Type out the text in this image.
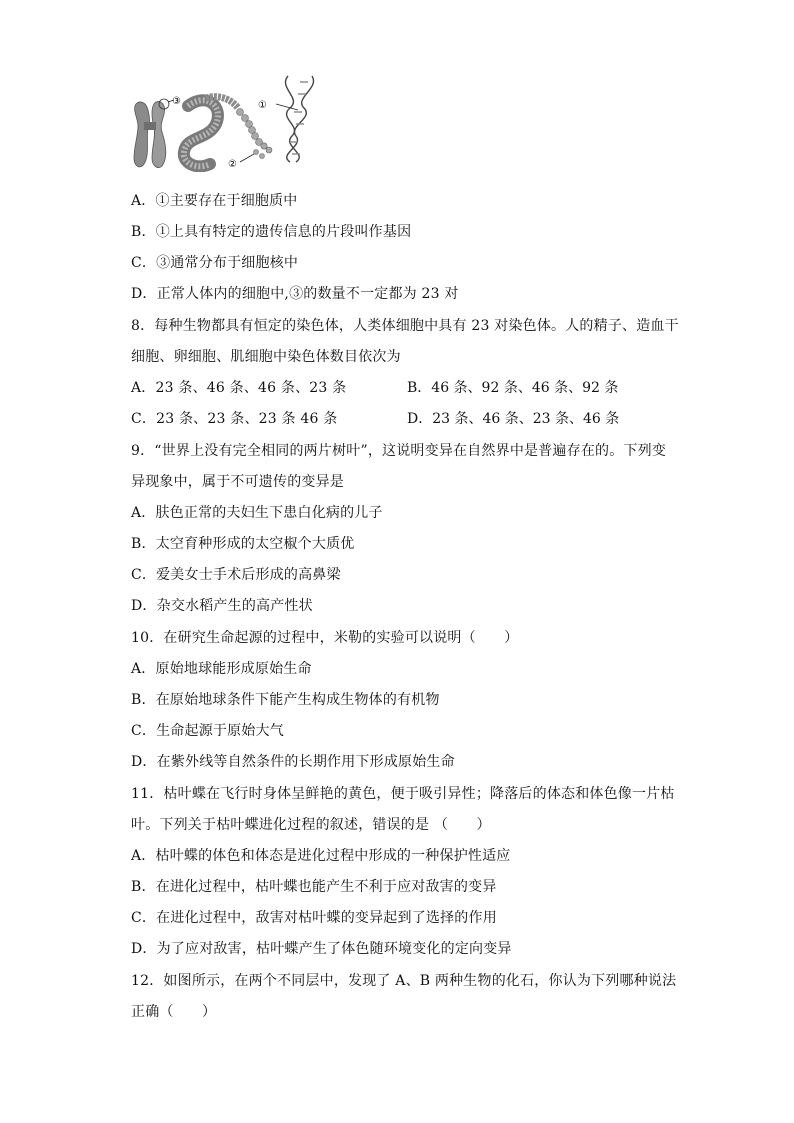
①
②
③
A．①主要存在于细胞质中
B．①上具有特定的遗传信息的片段叫作基因
C．③通常分布于细胞核中
D．正常人体内的细胞中,③的数量不一定都为 23 对
8．每种生物都具有恒定的染色体，人类体细胞中具有 23 对染色体。人的精子、造血干
细胞、卵细胞、肌细胞中染色体数目依次为
A．23 条、46 条、46 条、23 条	B．46 条、92 条、46 条、92 条
C．23 条、23 条、23 条 46 条	D．23 条、46 条、23 条、46 条
9．“世界上没有完全相同的两片树叶”，这说明变异在自然界中是普遍存在的。下列变
异现象中，属于不可遗传的变异是
A．肤色正常的夫妇生下患白化病的儿子
B．太空育种形成的太空椒个大质优
C．爱美女士手术后形成的高鼻梁
D．杂交水稻产生的高产性状
10．在研究生命起源的过程中，米勒的实验可以说明（　　）
A．原始地球能形成原始生命
B．在原始地球条件下能产生构成生物体的有机物
C．生命起源于原始大气
D．在紫外线等自然条件的长期作用下形成原始生命
11．枯叶蝶在飞行时身体呈鲜艳的黄色，便于吸引异性；降落后的体态和体色像一片枯
叶。下列关于枯叶蝶进化过程的叙述，错误的是 （　　）
A．枯叶蝶的体色和体态是进化过程中形成的一种保护性适应
B．在进化过程中，枯叶蝶也能产生不利于应对敌害的变异
C．在进化过程中，敌害对枯叶蝶的变异起到了选择的作用
D．为了应对敌害，枯叶蝶产生了体色随环境变化的定向变异
12．如图所示，在两个不同层中，发现了 A、B 两种生物的化石，你认为下列哪种说法
正确（　　）
